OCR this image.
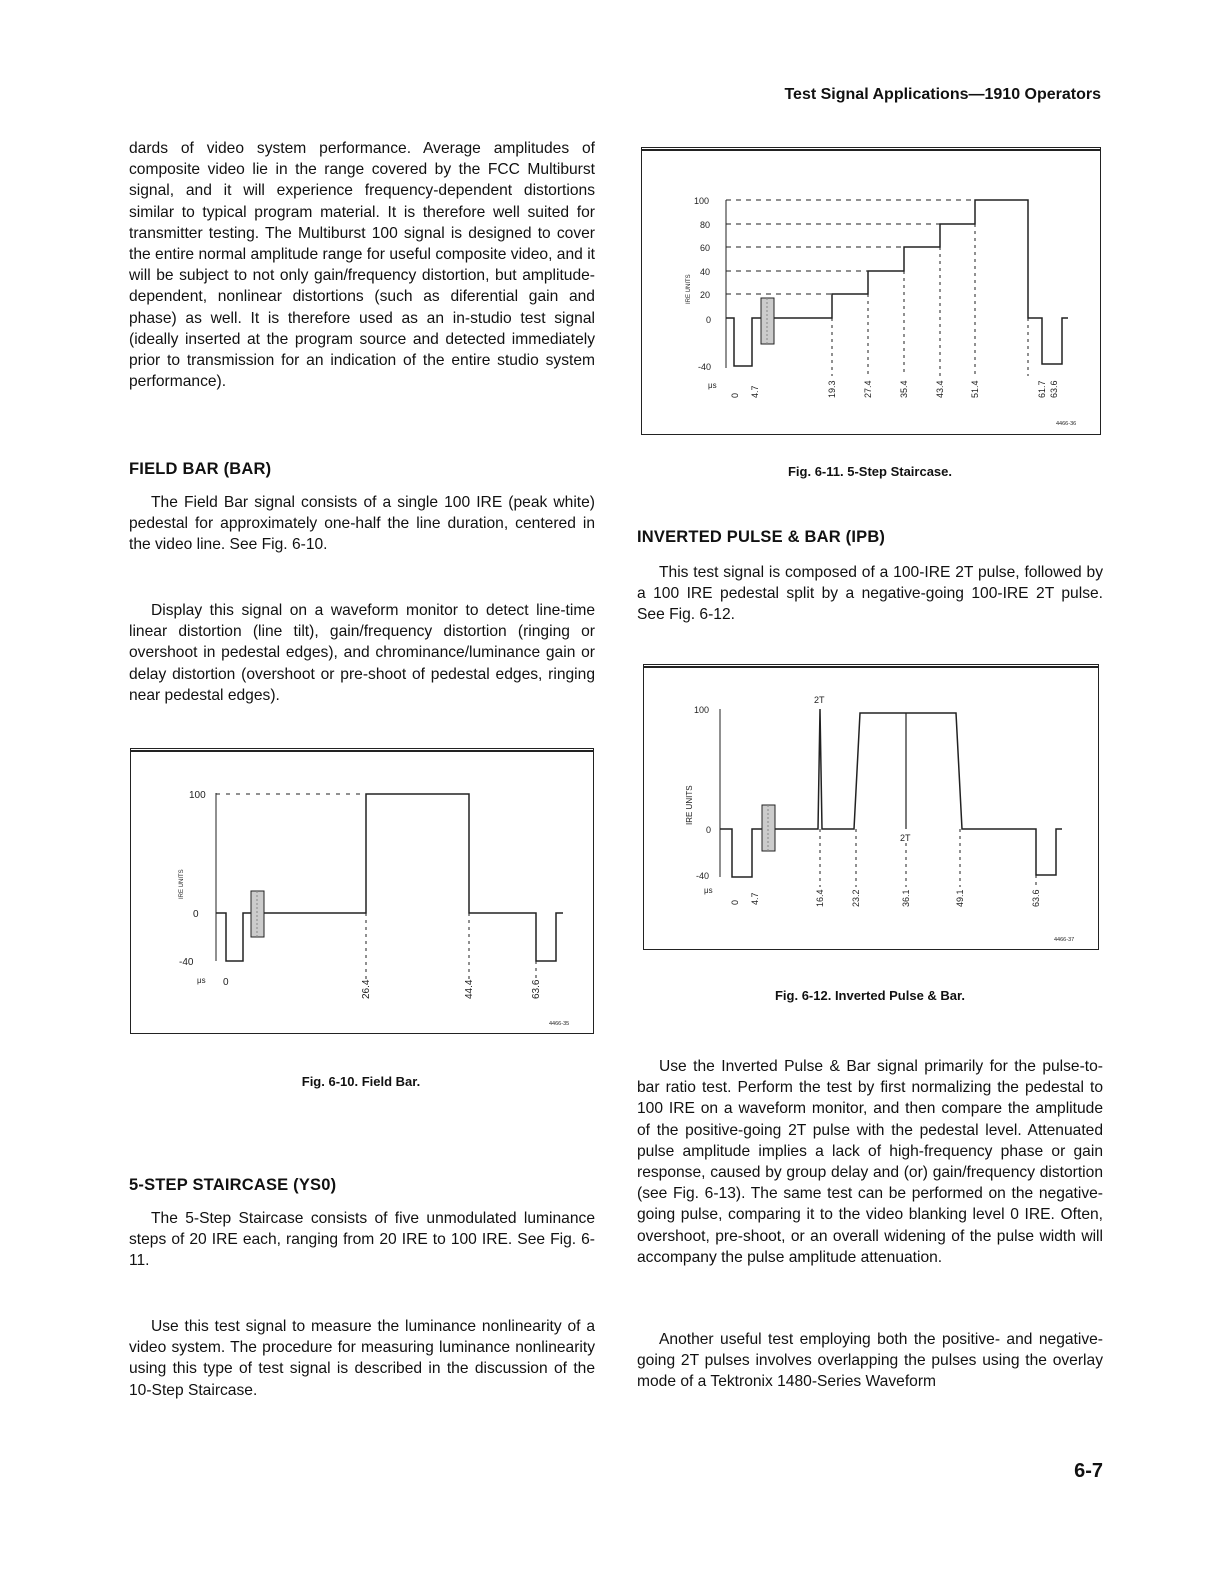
Test Signal Applications—1910 Operators

dards of video system performance. Average amplitudes of composite video lie in the range covered by the FCC Multiburst signal, and it will experience frequency-dependent distortions similar to typical program material. It is therefore well suited for transmitter testing. The Multiburst 100 signal is designed to cover the entire normal amplitude range for useful composite video, and it will be subject to not only gain/frequency distortion, but amplitude-dependent, nonlinear distortions (such as diferential gain and phase) as well. It is therefore used as an in-studio test signal (ideally inserted at the program source and detected immediately prior to transmission for an indication of the entire studio system performance).

FIELD BAR (BAR)

The Field Bar signal consists of a single 100 IRE (peak white) pedestal for approximately one-half the line duration, centered in the video line. See Fig. 6-10.

Display this signal on a waveform monitor to detect line-time linear distortion (line tilt), gain/frequency distortion (ringing or overshoot in pedestal edges), and chrominance/luminance gain or delay distortion (overshoot or pre-shoot of pedestal edges, ringing near pedestal edges).

100
0
-40
IRE UNITS
μs 0	26.4	44.4	63.6
4466-35
Fig. 6-10. Field Bar.
5-STEP STAIRCASE (YS0)

The 5-Step Staircase consists of five unmodulated luminance steps of 20 IRE each, ranging from 20 IRE to 100 IRE. See Fig. 6-11.

Use this test signal to measure the luminance nonlinearity of a video system. The procedure for measuring luminance nonlinearity using this type of test signal is described in the discussion of the 10-Step Staircase.

100
80
60
40
20
0
-40
IRE UNITS
μs
0 4.7	19.3	27.4	35.4	43.4	51.4	61.7 63.6
4466-36
Fig. 6-11. 5-Step Staircase.
INVERTED PULSE & BAR (IPB)

This test signal is composed of a 100-IRE 2T pulse, followed by a 100 IRE pedestal split by a negative-going 100-IRE 2T pulse. See Fig. 6-12.

100
0
-40
IRE UNITS
2T
2T
μs
0 4.7	16.4	23.2	36.1	49.1	63.6
4466-37
Fig. 6-12. Inverted Pulse & Bar.

Use the Inverted Pulse & Bar signal primarily for the pulse-to-bar ratio test. Perform the test by first normalizing the pedestal to 100 IRE on a waveform monitor, and then compare the amplitude of the positive-going 2T pulse with the pedestal level. Attenuated pulse amplitude implies a lack of high-frequency phase or gain response, caused by group delay and (or) gain/frequency distortion (see Fig. 6-13). The same test can be performed on the negative-going pulse, comparing it to the video blanking level 0 IRE. Often, overshoot, pre-shoot, or an overall widening of the pulse width will accompany the pulse amplitude attenuation.

Another useful test employing both the positive- and negative-going 2T pulses involves overlapping the pulses using the overlay mode of a Tektronix 1480-Series Waveform

6-7
